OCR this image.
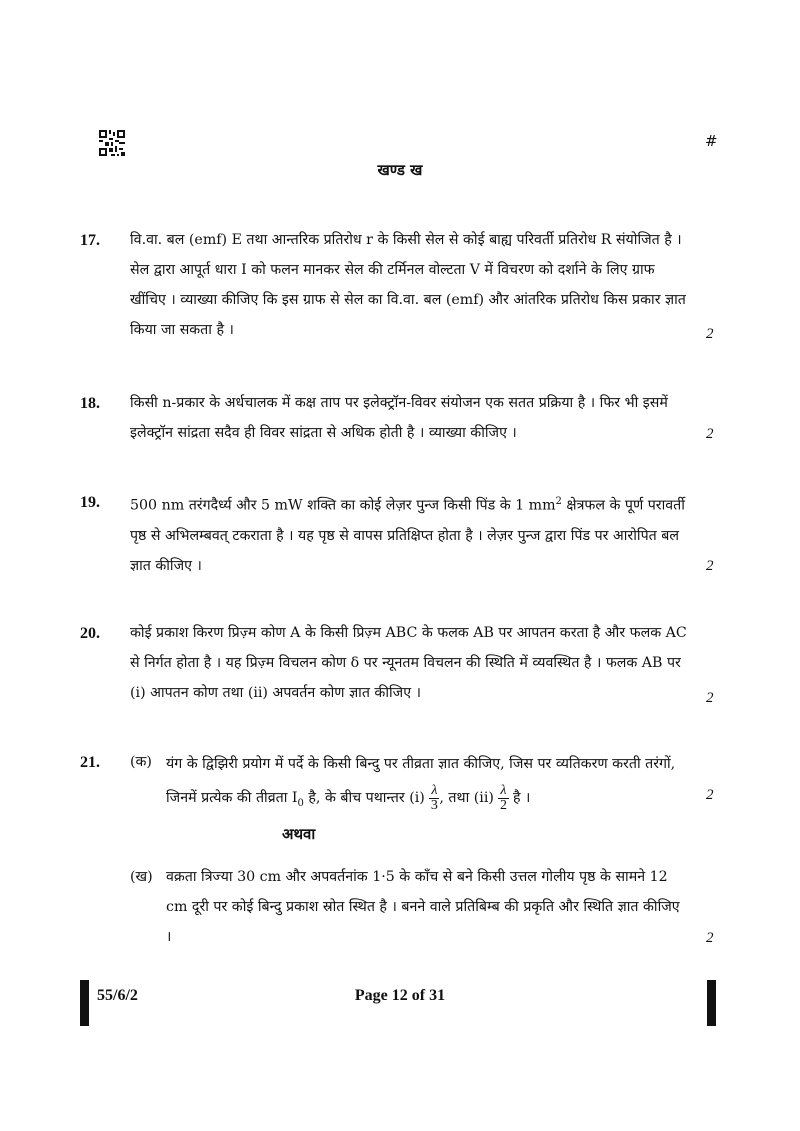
#
खण्ड ख
17. वि.वा. बल (emf) E तथा आन्तरिक प्रतिरोध r के किसी सेल से कोई बाह्य परिवर्ती प्रतिरोध R संयोजित है । सेल द्वारा आपूर्त धारा I को फलन मानकर सेल की टर्मिनल वोल्टता V में विचरण को दर्शाने के लिए ग्राफ खींचिए । व्याख्या कीजिए कि इस ग्राफ से सेल का वि.वा. बल (emf) और आंतरिक प्रतिरोध किस प्रकार ज्ञात किया जा सकता है ।	2
18. किसी n-प्रकार के अर्धचालक में कक्ष ताप पर इलेक्ट्रॉन-विवर संयोजन एक सतत प्रक्रिया है । फिर भी इसमें इलेक्ट्रॉन सांद्रता सदैव ही विवर सांद्रता से अधिक होती है । व्याख्या कीजिए ।	2
19. 500 nm तरंगदैर्ध्य और 5 mW शक्ति का कोई लेज़र पुन्ज किसी पिंड के 1 $mm^2$ क्षेत्रफल के पूर्ण परावर्ती पृष्ठ से अभिलम्बवत् टकराता है । यह पृष्ठ से वापस प्रतिक्षिप्त होता है । लेज़र पुन्ज द्वारा पिंड पर आरोपित बल ज्ञात कीजिए ।	2
20. कोई प्रकाश किरण प्रिज़्म कोण A के किसी प्रिज़्म ABC के फलक AB पर आपतन करता है और फलक AC से निर्गत होता है । यह प्रिज़्म विचलन कोण δ पर न्यूनतम विचलन की स्थिति में व्यवस्थित है । फलक AB पर (i) आपतन कोण तथा (ii) अपवर्तन कोण ज्ञात कीजिए ।	2
21. (क) यंग के द्विझिरी प्रयोग में पर्दे के किसी बिन्दु पर तीव्रता ज्ञात कीजिए, जिस पर व्यतिकरण करती तरंगों, जिनमें प्रत्येक की तीव्रता $I_0$ है, के बीच पथान्तर $(i) \frac{\lambda}{3}$ , तथा $(ii) \frac{\lambda}{2}$ है ।	2
अथवा
(ख) वक्रता त्रिज्या 30 cm और अपवर्तनांक 1·5 के काँच से बने किसी उत्तल गोलीय पृष्ठ के सामने 12 cm दूरी पर कोई बिन्दु प्रकाश स्रोत स्थित है । बनने वाले प्रतिबिम्ब की प्रकृति और स्थिति ज्ञात कीजिए ।	2
55/6/2	Page 12 of 31
